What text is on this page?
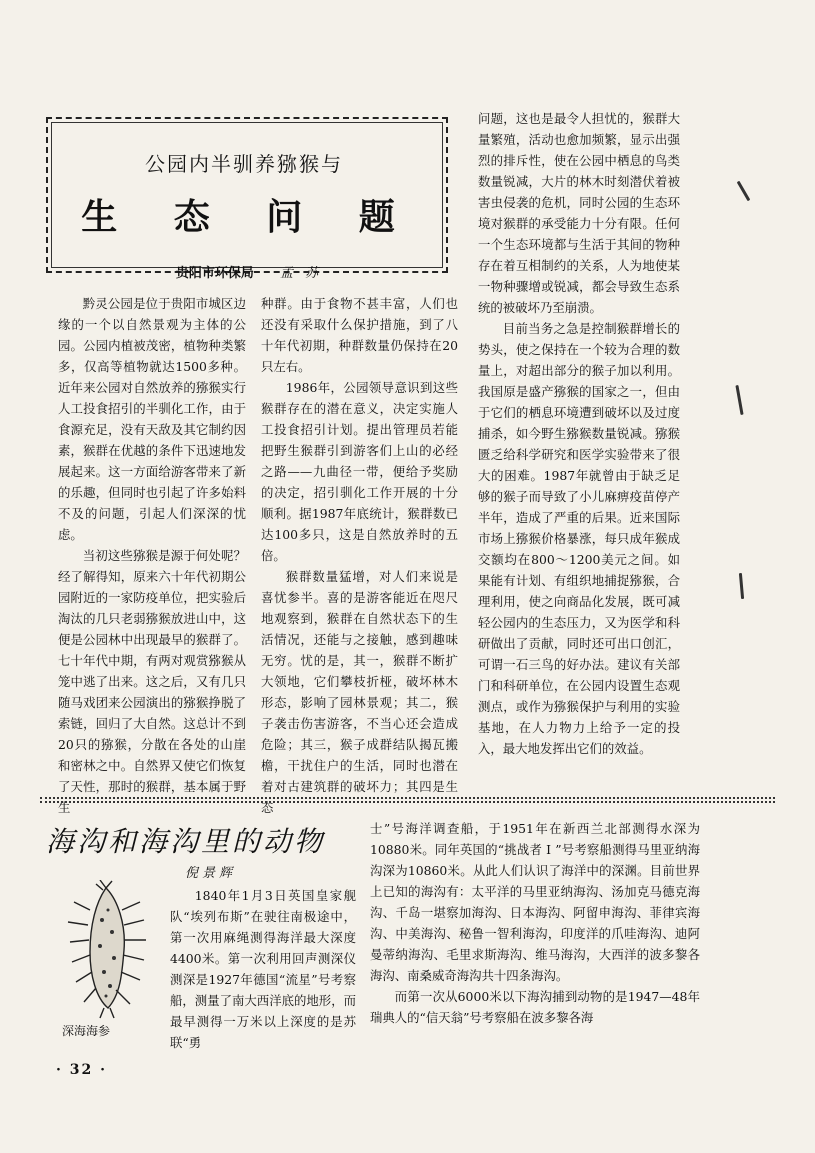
公园内半驯养猕猴与
生 态 问 题
贵阳市环保局 孟 苏

黔灵公园是位于贵阳市城区边缘的一个以自然景观为主体的公园。公园内植被茂密，植物种类繁多，仅高等植物就达1500多种。近年来公园对自然放养的猕猴实行人工投食招引的半驯化工作，由于食源充足，没有天敌及其它制约因素，猴群在优越的条件下迅速地发展起来。这一方面给游客带来了新的乐趣，但同时也引起了许多始料不及的问题，引起人们深深的忧虑。

当初这些猕猴是源于何处呢？经了解得知，原来六十年代初期公园附近的一家防疫单位，把实验后淘汰的几只老弱猕猴放进山中，这便是公园林中出现最早的猴群了。七十年代中期，有两对观赏猕猴从笼中逃了出来。这之后，又有几只随马戏团来公园演出的猕猴挣脱了索链，回归了大自然。这总计不到20只的猕猴，分散在各处的山崖和密林之中。自然界又使它们恢复了天性，那时的猴群，基本属于野生

种群。由于食物不甚丰富，人们也还没有采取什么保护措施，到了八十年代初期，种群数量仍保持在20只左右。

1986年，公园领导意识到这些猴群存在的潜在意义，决定实施人工投食招引计划。提出管理员若能把野生猴群引到游客们上山的必经之路——九曲径一带，便给予奖励的决定，招引驯化工作开展的十分顺利。据1987年底统计，猴群数已达100多只，这是自然放养时的五倍。

猴群数量猛增，对人们来说是喜忧参半。喜的是游客能近在咫尺地观察到，猴群在自然状态下的生活情况，还能与之接触，感到趣味无穷。忧的是，其一，猴群不断扩大领地，它们攀枝折桠，破坏林木形态，影响了园林景观；其二，猴子袭击伤害游客，不当心还会造成危险；其三，猴子成群结队揭瓦搬檐，干扰住户的生活，同时也潜在着对古建筑群的破坏力；其四是生态

问题，这也是最令人担忧的，猴群大量繁殖，活动也愈加频繁，显示出强烈的排斥性，使在公园中栖息的鸟类数量锐减，大片的林木时刻潜伏着被害虫侵袭的危机，同时公园的生态环境对猴群的承受能力十分有限。任何一个生态环境都与生活于其间的物种存在着互相制约的关系，人为地使某一物种骤增或锐减，都会导致生态系统的被破坏乃至崩溃。

目前当务之急是控制猴群增长的势头，使之保持在一个较为合理的数量上，对超出部分的猴子加以利用。我国原是盛产猕猴的国家之一，但由于它们的栖息环境遭到破坏以及过度捕杀，如今野生猕猴数量锐减。猕猴匮乏给科学研究和医学实验带来了很大的困难。1987年就曾由于缺乏足够的猴子而导致了小儿麻痹疫苗停产半年，造成了严重的后果。近来国际市场上猕猴价格暴涨，每只成年猴成交额均在800～1200美元之间。如果能有计划、有组织地捕捉猕猴，合理利用，使之向商品化发展，既可减轻公园内的生态压力，又为医学和科研做出了贡献，同时还可出口创汇，可谓一石三鸟的好办法。建议有关部门和科研单位，在公园内设置生态观测点，或作为猕猴保护与利用的实验基地，在人力物力上给予一定的投入，最大地发挥出它们的效益。

海沟和海沟里的动物
倪景辉
深海海参

1840年1月3日英国皇家舰队“埃列布斯”在驶往南极途中，第一次用麻绳测得海洋最大深度4400米。第一次利用回声测深仪测深是1927年德国“流星”号考察船，测量了南大西洋底的地形，而最早测得一万米以上深度的是苏联“勇

士”号海洋调查船，于1951年在新西兰北部测得水深为10880米。同年英国的“挑战者 I ”号考察船测得马里亚纳海沟深为10860米。从此人们认识了海洋中的深渊。目前世界上已知的海沟有：太平洋的马里亚纳海沟、汤加克马德克海沟、千岛一堪察加海沟、日本海沟、阿留申海沟、菲律宾海沟、中美海沟、秘鲁一智利海沟，印度洋的爪哇海沟、迪阿曼蒂纳海沟、毛里求斯海沟、维马海沟，大西洋的波多黎各海沟、南桑威奇海沟共十四条海沟。

而第一次从6000米以下海沟捕到动物的是1947—48年瑞典人的“信天翁”号考察船在波多黎各海

· 32 ·
